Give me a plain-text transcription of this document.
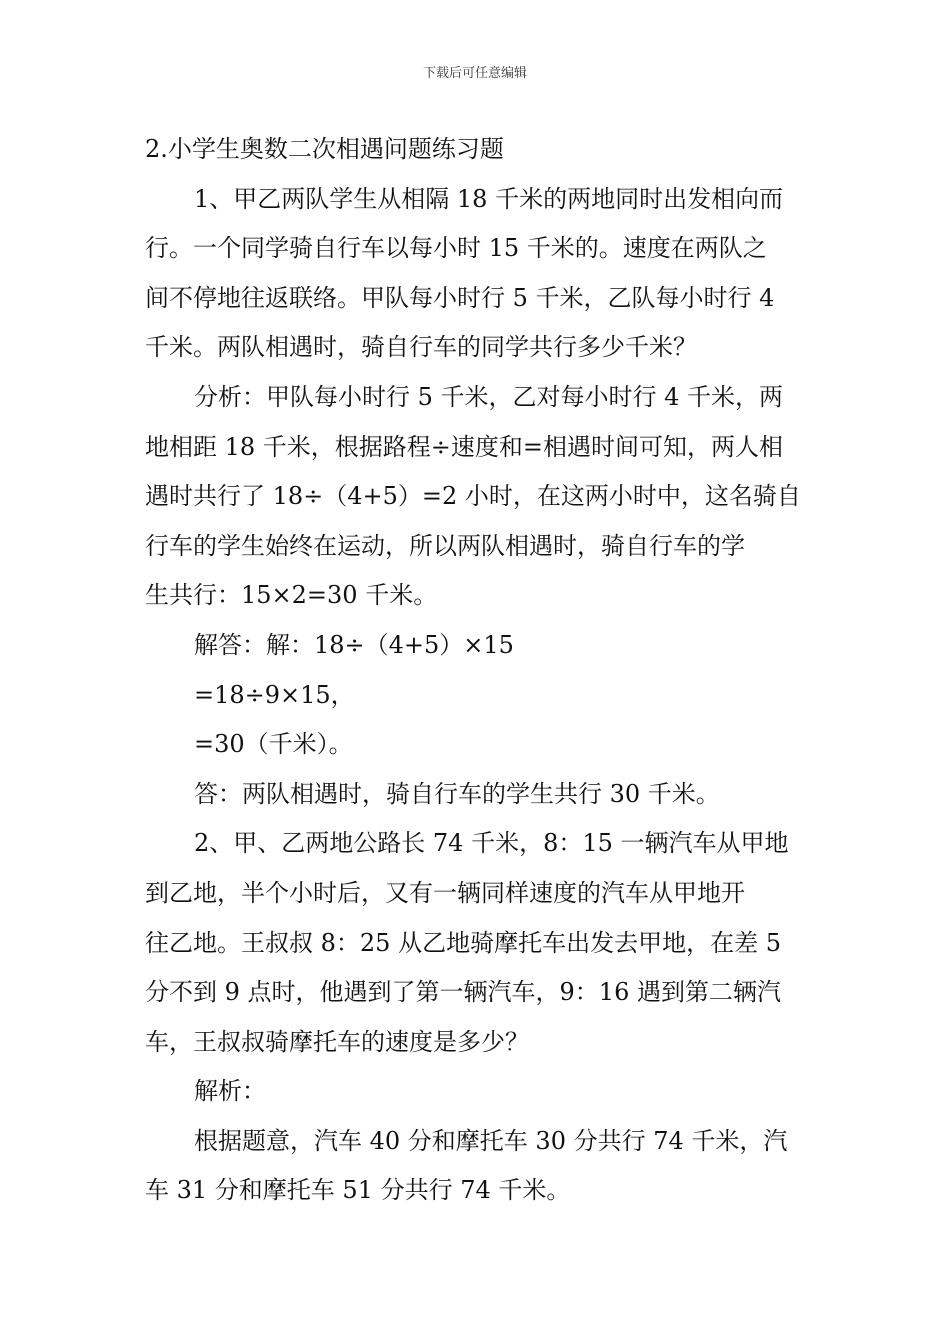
下载后可任意编辑
2.小学生奥数二次相遇问题练习题
1、甲乙两队学生从相隔 18 千米的两地同时出发相向而
行。一个同学骑自行车以每小时 15 千米的。速度在两队之
间不停地往返联络。甲队每小时行 5 千米，乙队每小时行 4
千米。两队相遇时，骑自行车的同学共行多少千米？
分析：甲队每小时行 5 千米，乙对每小时行 4 千米，两
地相距 18 千米，根据路程÷速度和=相遇时间可知，两人相
遇时共行了 18÷（4+5）=2 小时，在这两小时中，这名骑自
行车的学生始终在运动，所以两队相遇时，骑自行车的学
生共行：15×2=30 千米。
解答：解：18÷（4+5）×15
=18÷9×15，
=30（千米）。
答：两队相遇时，骑自行车的学生共行 30 千米。
2、甲、乙两地公路长 74 千米，8：15 一辆汽车从甲地
到乙地，半个小时后，又有一辆同样速度的汽车从甲地开
往乙地。王叔叔 8：25 从乙地骑摩托车出发去甲地，在差 5
分不到 9 点时，他遇到了第一辆汽车，9：16 遇到第二辆汽
车，王叔叔骑摩托车的速度是多少？
解析：
根据题意，汽车 40 分和摩托车 30 分共行 74 千米，汽
车 31 分和摩托车 51 分共行 74 千米。
